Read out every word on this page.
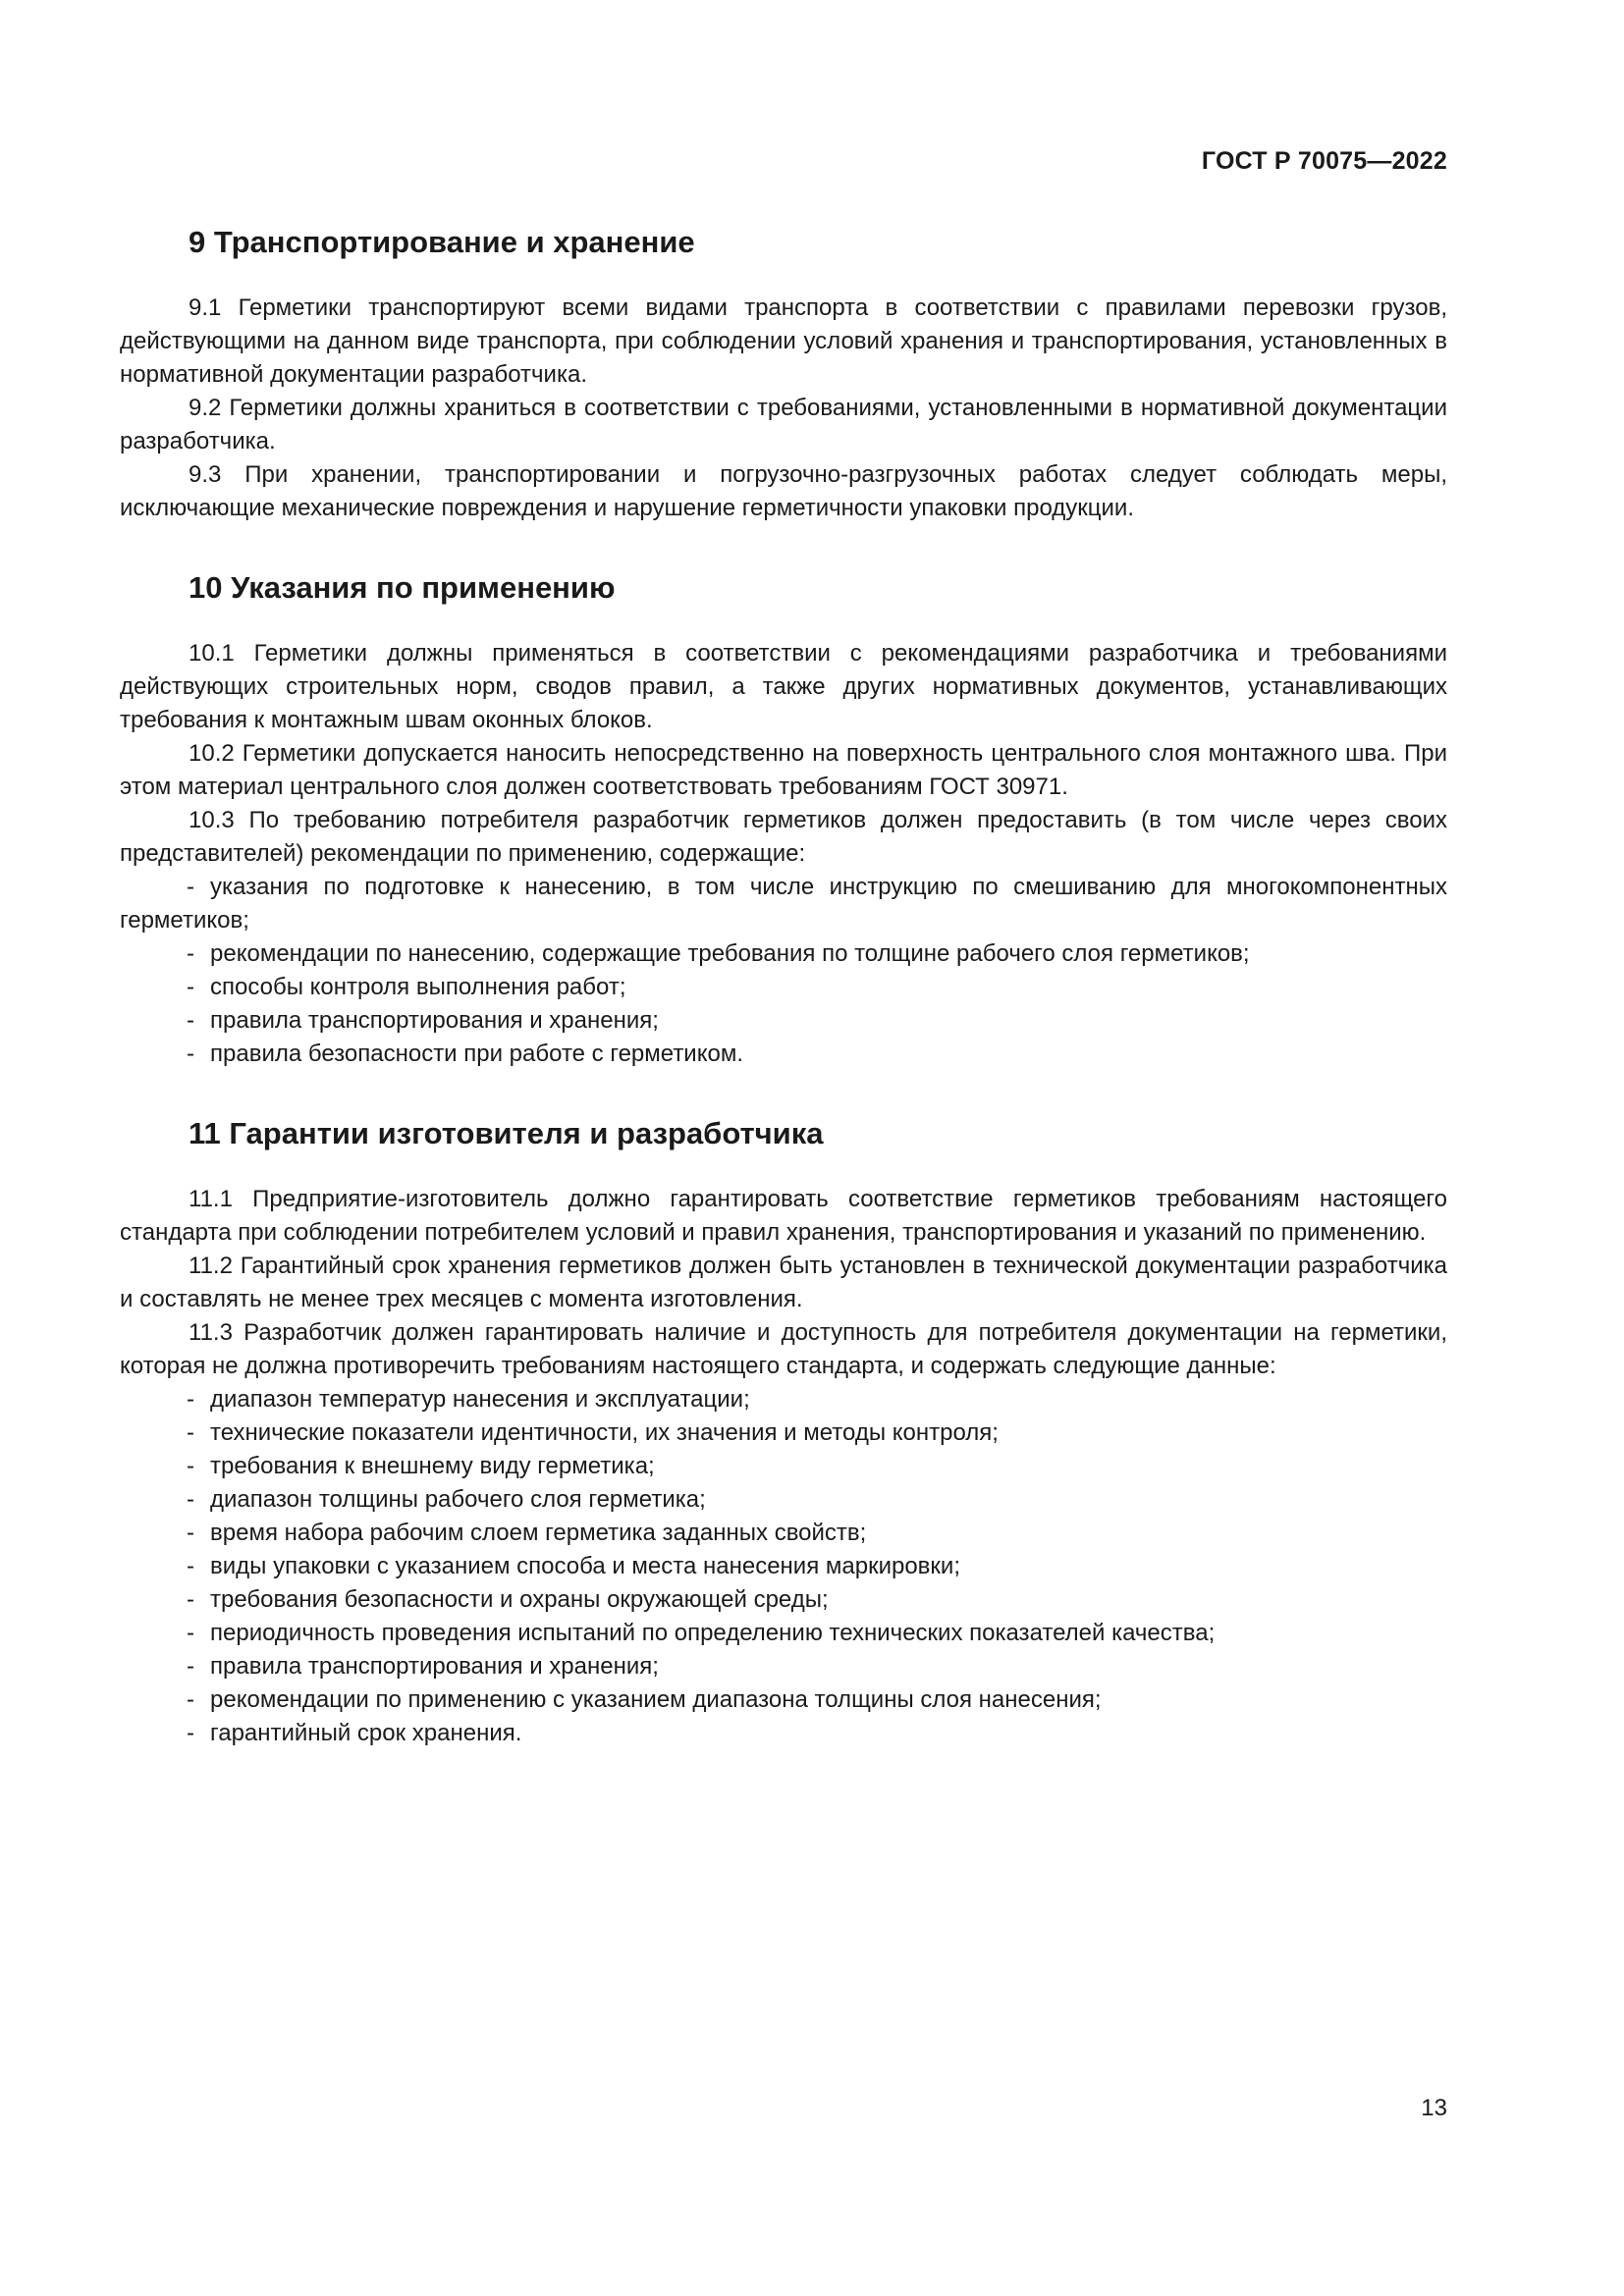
ГОСТ Р 70075—2022
9 Транспортирование и хранение

9.1 Герметики транспортируют всеми видами транспорта в соответствии с правилами перевозки грузов, действующими на данном виде транспорта, при соблюдении условий хранения и транспортирования, установленных в нормативной документации разработчика.

9.2 Герметики должны храниться в соответствии с требованиями, установленными в нормативной документации разработчика.

9.3 При хранении, транспортировании и погрузочно-разгрузочных работах следует соблюдать меры, исключающие механические повреждения и нарушение герметичности упаковки продукции.

10 Указания по применению

10.1 Герметики должны применяться в соответствии с рекомендациями разработчика и требованиями действующих строительных норм, сводов правил, а также других нормативных документов, устанавливающих требования к монтажным швам оконных блоков.

10.2 Герметики допускается наносить непосредственно на поверхность центрального слоя монтажного шва. При этом материал центрального слоя должен соответствовать требованиям ГОСТ 30971.

10.3 По требованию потребителя разработчик герметиков должен предоставить (в том числе через своих представителей) рекомендации по применению, содержащие:

- указания по подготовке к нанесению, в том числе инструкцию по смешиванию для многокомпонентных герметиков;
- рекомендации по нанесению, содержащие требования по толщине рабочего слоя герметиков;
- способы контроля выполнения работ;
- правила транспортирования и хранения;
- правила безопасности при работе с герметиком.
11 Гарантии изготовителя и разработчика

11.1 Предприятие-изготовитель должно гарантировать соответствие герметиков требованиям настоящего стандарта при соблюдении потребителем условий и правил хранения, транспортирования и указаний по применению.

11.2 Гарантийный срок хранения герметиков должен быть установлен в технической документации разработчика и составлять не менее трех месяцев с момента изготовления.

11.3 Разработчик должен гарантировать наличие и доступность для потребителя документации на герметики, которая не должна противоречить требованиям настоящего стандарта, и содержать следующие данные:

- диапазон температур нанесения и эксплуатации;
- технические показатели идентичности, их значения и методы контроля;
- требования к внешнему виду герметика;
- диапазон толщины рабочего слоя герметика;
- время набора рабочим слоем герметика заданных свойств;
- виды упаковки с указанием способа и места нанесения маркировки;
- требования безопасности и охраны окружающей среды;
- периодичность проведения испытаний по определению технических показателей качества;
- правила транспортирования и хранения;
- рекомендации по применению с указанием диапазона толщины слоя нанесения;
- гарантийный срок хранения.
13
